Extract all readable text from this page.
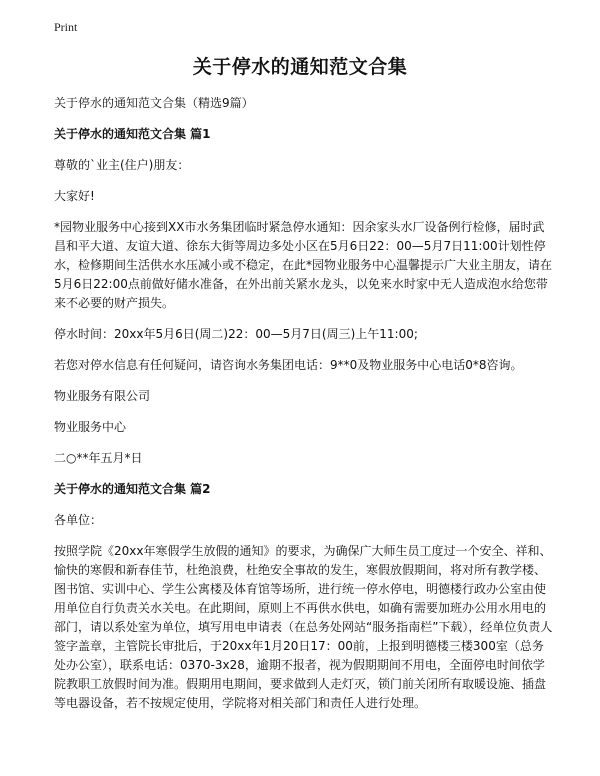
Print
关于停水的通知范文合集

关于停水的通知范文合集（精选9篇）

关于停水的通知范文合集 篇1

尊敬的`业主(住户)朋友：

大家好!

*园物业服务中心接到XX市水务集团临时紧急停水通知：因余家头水厂设备例行检修，届时武昌和平大道、友谊大道、徐东大街等周边多处小区在5月6日22：00—5月7日11:00计划性停水，检修期间生活供水水压减小或不稳定，在此*园物业服务中心温馨提示广大业主朋友，请在5月6日22:00点前做好储水准备，在外出前关紧水龙头，以免来水时家中无人造成泡水给您带来不必要的财产损失。

停水时间：20xx年5月6日(周二)22：00—5月7日(周三)上午11:00;

若您对停水信息有任何疑问，请咨询水务集团电话：9**0及物业服务中心电话0*8咨询。

物业服务有限公司

物业服务中心

二○**年五月*日

关于停水的通知范文合集 篇2

各单位：

按照学院《20xx年寒假学生放假的通知》的要求，为确保广大师生员工度过一个安全、祥和、愉快的寒假和新春佳节，杜绝浪费，杜绝安全事故的发生，寒假放假期间，将对所有教学楼、图书馆、实训中心、学生公寓楼及体育馆等场所，进行统一停水停电，明德楼行政办公室由使用单位自行负责关水关电。在此期间，原则上不再供水供电，如确有需要加班办公用水用电的部门，请以系处室为单位，填写用电申请表（在总务处网站“服务指南栏”下载），经单位负责人签字盖章，主管院长审批后，于20xx年1月20日17：00前，上报到明德楼三楼300室（总务处办公室），联系电话：0370-3x28，逾期不报者，视为假期期间不用电，全面停电时间依学院教职工放假时间为准。假期用电期间，要求做到人走灯灭，锁门前关闭所有取暖设施、插盘等电器设备，若不按规定使用，学院将对相关部门和责任人进行处理。
